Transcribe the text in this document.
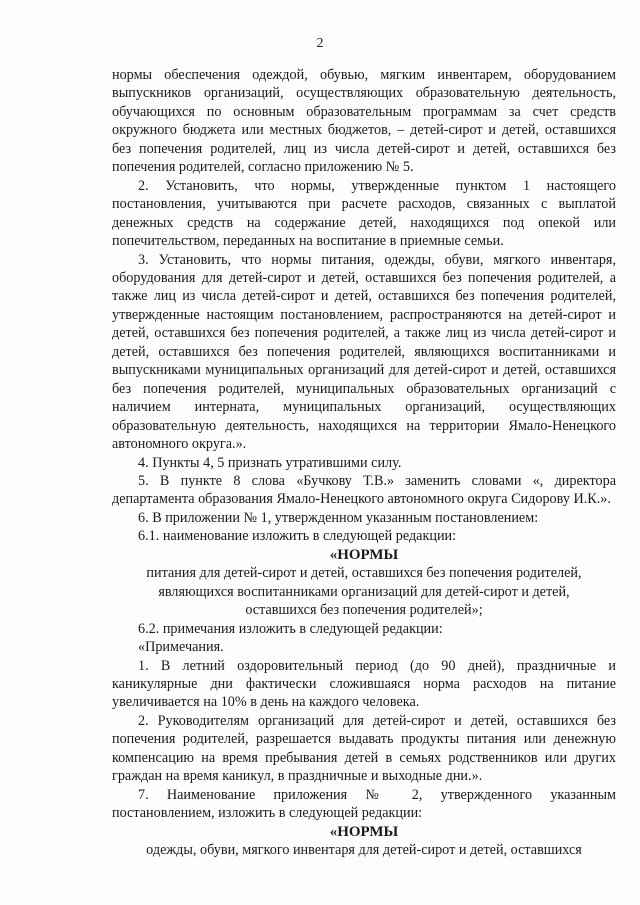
2

нормы обеспечения одеждой, обувью, мягким инвентарем, оборудованием выпускников организаций, осуществляющих образовательную деятельность, обучающихся по основным образовательным программам за счет средств окружного бюджета или местных бюджетов, – детей-сирот и детей, оставшихся без попечения родителей, лиц из числа детей-сирот и детей, оставшихся без попечения родителей, согласно приложению № 5.

2. Установить, что нормы, утвержденные пунктом 1 настоящего постановления, учитываются при расчете расходов, связанных с выплатой денежных средств на содержание детей, находящихся под опекой или попечительством, переданных на воспитание в приемные семьи.

3. Установить, что нормы питания, одежды, обуви, мягкого инвентаря, оборудования для детей-сирот и детей, оставшихся без попечения родителей, а также лиц из числа детей-сирот и детей, оставшихся без попечения родителей, утвержденные настоящим постановлением, распространяются на детей-сирот и детей, оставшихся без попечения родителей, а также лиц из числа детей-сирот и детей, оставшихся без попечения родителей, являющихся воспитанниками и выпускниками муниципальных организаций для детей-сирот и детей, оставшихся без попечения родителей, муниципальных образовательных организаций с наличием интерната, муниципальных организаций, осуществляющих образовательную деятельность, находящихся на территории Ямало-Ненецкого автономного округа.».

4. Пункты 4, 5 признать утратившими силу.

5. В пункте 8 слова «Бучкову Т.В.» заменить словами «, директора департамента образования Ямало-Ненецкого автономного округа Сидорову И.К.».

6. В приложении № 1, утвержденном указанным постановлением:

6.1. наименование изложить в следующей редакции:

«НОРМЫ

питания для детей-сирот и детей, оставшихся без попечения родителей,

являющихся воспитанниками организаций для детей-сирот и детей,

оставшихся без попечения родителей»;

6.2. примечания изложить в следующей редакции:

«Примечания.

1. В летний оздоровительный период (до 90 дней), праздничные и каникулярные дни фактически сложившаяся норма расходов на питание увеличивается на 10% в день на каждого человека.

2. Руководителям организаций для детей-сирот и детей, оставшихся без попечения родителей, разрешается выдавать продукты питания или денежную компенсацию на время пребывания детей в семьях родственников или других граждан на время каникул, в праздничные и выходные дни.».

7. Наименование приложения № 2, утвержденного указанным постановлением, изложить в следующей редакции:

«НОРМЫ

одежды, обуви, мягкого инвентаря для детей-сирот и детей, оставшихся
